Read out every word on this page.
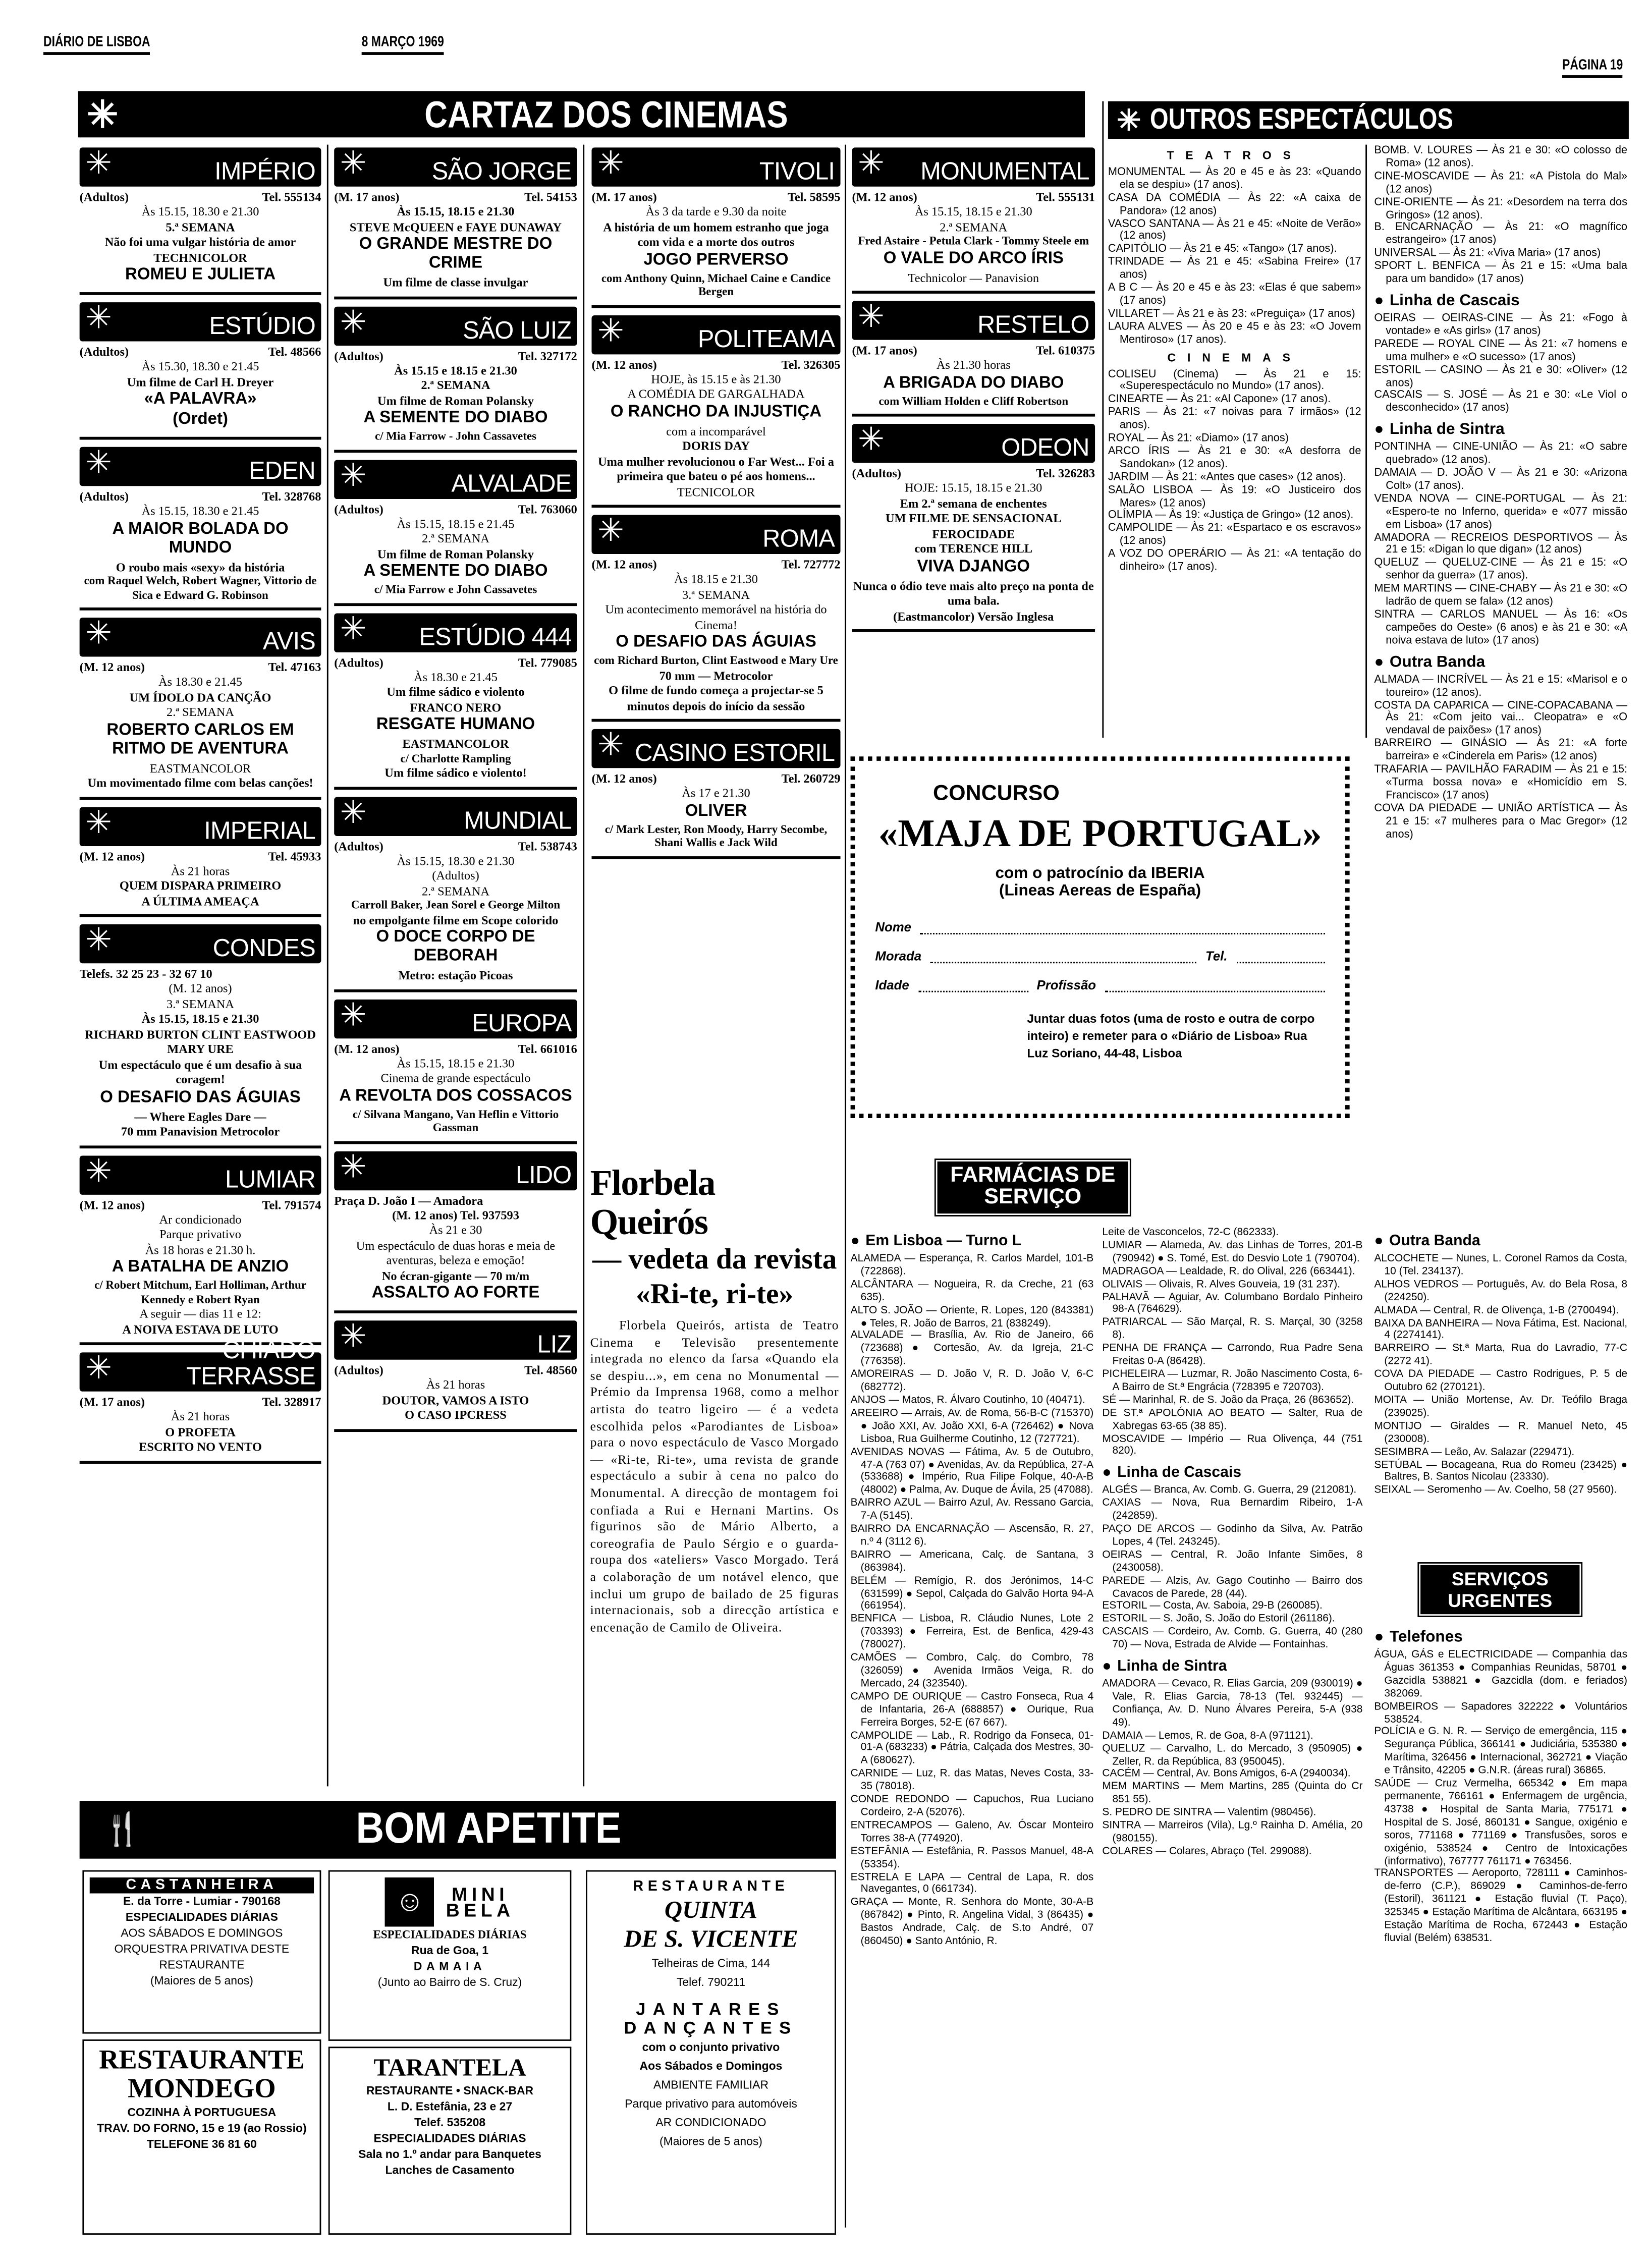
DIÁRIO DE LISBOA	8 MARÇO 1969
PÁGINA 19
✳	CARTAZ DOS CINEMAS	✳ OUTROS ESPECTÁCULOS
✳	IMPÉRIO
(Adultos)	Tel. 555134
Às 15.15, 18.30 e 21.30
5.ª SEMANA
Não foi uma vulgar história de amor
TECHNICOLOR
ROMEU E JULIETA
✳	ESTÚDIO
(Adultos)	Tel. 48566
Às 15.30, 18.30 e 21.45
Um filme de Carl H. Dreyer
«A PALAVRA»
(Ordet)
✳	EDEN
(Adultos)	Tel. 328768
Às 15.15, 18.30 e 21.45
A MAIOR BOLADA DO MUNDO
O roubo mais «sexy» da história
com Raquel Welch, Robert Wagner, Vittorio de Sica e Edward G. Robinson
✳	AVIS
(M. 12 anos)	Tel. 47163
Às 18.30 e 21.45
UM ÍDOLO DA CANÇÃO
2.ª SEMANA
ROBERTO CARLOS EM RITMO DE AVENTURA
EASTMANCOLOR
Um movimentado filme com belas canções!
✳	IMPERIAL
(M. 12 anos)	Tel. 45933
Às 21 horas
QUEM DISPARA PRIMEIRO
A ÚLTIMA AMEAÇA
✳	CONDES
Telefs. 32 25 23 - 32 67 10
(M. 12 anos)
3.ª SEMANA
Às 15.15, 18.15 e 21.30
RICHARD BURTON CLINT EASTWOOD MARY URE
Um espectáculo que é um desafio à sua coragem!
O DESAFIO DAS ÁGUIAS
— Where Eagles Dare —
70 mm Panavision Metrocolor
✳	LUMIAR
(M. 12 anos)	Tel. 791574
Ar condicionado
Parque privativo
Às 18 horas e 21.30 h.
A BATALHA DE ANZIO
c/ Robert Mitchum, Earl Holliman, Arthur Kennedy e Robert Ryan
A seguir — dias 11 e 12:
A NOIVA ESTAVA DE LUTO
✳	CHIADO TERRASSE
(M. 17 anos)	Tel. 328917
Às 21 horas
O PROFETA
ESCRITO NO VENTO
✳	SÃO JORGE
(M. 17 anos)	Tel. 54153
Às 15.15, 18.15 e 21.30
STEVE McQUEEN e FAYE DUNAWAY
O GRANDE MESTRE DO CRIME
Um filme de classe invulgar
✳	SÃO LUIZ
(Adultos)	Tel. 327172
Às 15.15 e 18.15 e 21.30
2.ª SEMANA
Um filme de Roman Polansky
A SEMENTE DO DIABO
c/ Mia Farrow - John Cassavetes
✳	ALVALADE
(Adultos)	Tel. 763060
Às 15.15, 18.15 e 21.45
2.ª SEMANA
Um filme de Roman Polansky
A SEMENTE DO DIABO
c/ Mia Farrow e John Cassavetes
✳	ESTÚDIO 444
(Adultos)	Tel. 779085
Às 18.30 e 21.45
Um filme sádico e violento
FRANCO NERO
RESGATE HUMANO
EASTMANCOLOR
c/ Charlotte Rampling
Um filme sádico e violento!
✳	MUNDIAL
(Adultos)	Tel. 538743
Às 15.15, 18.30 e 21.30
(Adultos)
2.ª SEMANA
Carroll Baker, Jean Sorel e George Milton
no empolgante filme em Scope colorido
O DOCE CORPO DE DEBORAH
Metro: estação Picoas
✳	EUROPA
(M. 12 anos)	Tel. 661016
Às 15.15, 18.15 e 21.30
Cinema de grande espectáculo
A REVOLTA DOS COSSACOS
c/ Silvana Mangano, Van Heflin e Vittorio Gassman
✳	LIDO
Praça D. João I — Amadora
(M. 12 anos) Tel. 937593
Às 21 e 30
Um espectáculo de duas horas e meia de aventuras, beleza e emoção!
No écran-gigante — 70 m/m
ASSALTO AO FORTE
✳	LIZ
(Adultos)	Tel. 48560
Às 21 horas
DOUTOR, VAMOS A ISTO
O CASO IPCRESS
✳	TIVOLI
(M. 17 anos)	Tel. 58595
Às 3 da tarde e 9.30 da noite
A história de um homem estranho que joga com vida e a morte dos outros
JOGO PERVERSO
com Anthony Quinn, Michael Caine e Candice Bergen
✳	POLITEAMA
(M. 12 anos)	Tel. 326305
HOJE, às 15.15 e às 21.30
A COMÉDIA DE GARGALHADA
O RANCHO DA INJUSTIÇA
com a incomparável
DORIS DAY
Uma mulher revolucionou o Far West... Foi a primeira que bateu o pé aos homens...
TECNICOLOR
✳	ROMA
(M. 12 anos)	Tel. 727772
Às 18.15 e 21.30
3.ª SEMANA
Um acontecimento memorável na história do Cinema!
O DESAFIO DAS ÁGUIAS
com Richard Burton, Clint Eastwood e Mary Ure
70 mm — Metrocolor
O filme de fundo começa a projectar-se 5 minutos depois do início da sessão
✳ CASINO ESTORIL
(M. 12 anos)	Tel. 260729
Às 17 e 21.30
OLIVER
c/ Mark Lester, Ron Moody, Harry Secombe, Shani Wallis e Jack Wild
✳	MONUMENTAL
(M. 12 anos)	Tel. 555131
Às 15.15, 18.15 e 21.30
2.ª SEMANA
Fred Astaire - Petula Clark - Tommy Steele em
O VALE DO ARCO ÍRIS
Technicolor — Panavision
✳	RESTELO
(M. 17 anos)	Tel. 610375
Às 21.30 horas
A BRIGADA DO DIABO
com William Holden e Cliff Robertson
✳	ODEON
(Adultos)	Tel. 326283
HOJE: 15.15, 18.15 e 21.30
Em 2.ª semana de enchentes
UM FILME DE SENSACIONAL FEROCIDADE
com TERENCE HILL
VIVA DJANGO
Nunca o ódio teve mais alto preço na ponta de uma bala.
(Eastmancolor) Versão Inglesa
TEATROS

MONUMENTAL — Às 20 e 45 e às 23: «Quando ela se despiu» (17 anos).

CASA DA COMÉDIA — Às 22: «A caixa de Pandora» (12 anos)

VASCO SANTANA — Às 21 e 45: «Noite de Verão» (12 anos)

CAPITÓLIO — Às 21 e 45: «Tango» (17 anos).

TRINDADE — Às 21 e 45: «Sabina Freire» (17 anos)

A B C — Às 20 e 45 e às 23: «Elas é que sabem» (17 anos)

VILLARET — Às 21 e às 23: «Preguiça» (17 anos)

LAURA ALVES — Às 20 e 45 e às 23: «O Jovem Mentiroso» (17 anos).

CINEMAS

COLISEU (Cinema) — Às 21 e 15: «Superespectáculo no Mundo» (17 anos).

CINEARTE — Às 21: «Al Capone» (17 anos).

PARIS — Às 21: «7 noivas para 7 irmãos» (12 anos).

ROYAL — Às 21: «Diamo» (17 anos)

ARCO ÍRIS — Às 21 e 30: «A desforra de Sandokan» (12 anos).

JARDIM — Às 21: «Antes que cases» (12 anos).

SALÃO LISBOA — Às 19: «O Justiceiro dos Mares» (12 anos)

OLÍMPIA — Às 19: «Justiça de Gringo» (12 anos).

CAMPOLIDE — Às 21: «Espartaco e os escravos» (12 anos)

A VOZ DO OPERÁRIO — Às 21: «A tentação do dinheiro» (17 anos).

BOMB. V. LOURES — Às 21 e 30: «O colosso de Roma» (12 anos).

CINE-MOSCAVIDE — Às 21: «A Pistola do Mal» (12 anos)

CINE-ORIENTE — Às 21: «Desordem na terra dos Gringos» (12 anos).

B. ENCARNAÇÃO — Às 21: «O magnífico estrangeiro» (17 anos)

UNIVERSAL — Às 21: «Viva Maria» (17 anos)

SPORT L. BENFICA — Às 21 e 15: «Uma bala para um bandido» (17 anos)

● Linha de Cascais

OEIRAS — OEIRAS-CINE — Às 21: «Fogo à vontade» e «As girls» (17 anos)

PAREDE — ROYAL CINE — Às 21: «7 homens e uma mulher» e «O sucesso» (17 anos)

ESTORIL — CASINO — Às 21 e 30: «Oliver» (12 anos)

CASCAIS — S. JOSÉ — Às 21 e 30: «Le Viol o desconhecido» (17 anos)

● Linha de Sintra

PONTINHA — CINE-UNIÃO — Às 21: «O sabre quebrado» (12 anos).

DAMAIA — D. JOÃO V — Às 21 e 30: «Arizona Colt» (17 anos).

VENDA NOVA — CINE-PORTUGAL — Às 21: «Espero-te no Inferno, querida» e «077 missão em Lisboa» (17 anos)

AMADORA — RECREIOS DESPORTIVOS — Às 21 e 15: «Digan lo que digan» (12 anos)

QUELUZ — QUELUZ-CINE — Às 21 e 15: «O senhor da guerra» (17 anos).

MEM MARTINS — CINE-CHABY — Às 21 e 30: «O ladrão de quem se fala» (12 anos)

SINTRA — CARLOS MANUEL — Às 16: «Os campeões do Oeste» (6 anos) e às 21 e 30: «A noiva estava de luto» (17 anos)

● Outra Banda

ALMADA — INCRÍVEL — Às 21 e 15: «Marisol e o toureiro» (12 anos).

COSTA DA CAPARICA — CINE-COPACABANA — Às 21: «Com jeito vai... Cleopatra» e «O vendaval de paixões» (17 anos)

BARREIRO — GINÁSIO — Às 21: «A forte barreira» e «Cinderela em Paris» (12 anos)

TRAFARIA — PAVILHÃO FARADIM — Às 21 e 15: «Turma bossa nova» e «Homicídio em S. Francisco» (17 anos)

COVA DA PIEDADE — UNIÃO ARTÍSTICA — Às 21 e 15: «7 mulheres para o Mac Gregor» (12 anos)

CONCURSO
«MAJA DE PORTUGAL»
com o patrocínio da IBERIA
(Lineas Aereas de España)
Nome
Morada	Tel.
Idade	Profissão
Juntar duas fotos (uma de rosto e outra de corpo inteiro) e remeter para o «Diário de Lisboa» Rua Luz Soriano, 44-48, Lisboa
Florbela Queirós
— vedeta da revista
«Ri-te, ri-te»

Florbela Queirós, artista de Teatro Cinema e Televisão presentemente integrada no elenco da farsa «Quando ela se despiu...», em cena no Monumental — Prémio da Imprensa 1968, como a melhor artista do teatro ligeiro — é a vedeta escolhida pelos «Parodiantes de Lisboa» para o novo espectáculo de Vasco Morgado — «Ri-te, Ri-te», uma revista de grande espectáculo a subir à cena no palco do Monumental. A direcção de montagem foi confiada a Rui e Hernani Martins. Os figurinos são de Mário Alberto, a coreografia de Paulo Sérgio e o guarda-roupa dos «ateliers» Vasco Morgado. Terá a colaboração de um notável elenco, que inclui um grupo de bailado de 25 figuras internacionais, sob a direcção artística e encenação de Camilo de Oliveira.

FARMÁCIAS DE SERVIÇO
● Em Lisboa — Turno L

ALAMEDA — Esperança, R. Carlos Mardel, 101-B (722868).

ALCÂNTARA — Nogueira, R. da Creche, 21 (63 635).

ALTO S. JOÃO — Oriente, R. Lopes, 120 (843381) ● Teles, R. João de Barros, 21 (838249).

ALVALADE — Brasília, Av. Rio de Janeiro, 66 (723688) ● Cortesão, Av. da Igreja, 21-C (776358).

AMOREIRAS — D. João V, R. D. João V, 6-C (682772).

ANJOS — Matos, R. Álvaro Coutinho, 10 (40471).

AREEIRO — Arrais, Av. de Roma, 56-B-C (715370) ● João XXI, Av. João XXI, 6-A (726462) ● Nova Lisboa, Rua Guilherme Coutinho, 12 (727721).

AVENIDAS NOVAS — Fátima, Av. 5 de Outubro, 47-A (763 07) ● Avenidas, Av. da República, 27-A (533688) ● Império, Rua Filipe Folque, 40-A-B (48002) ● Palma, Av. Duque de Ávila, 25 (47088).

BAIRRO AZUL — Bairro Azul, Av. Ressano Garcia, 7-A (5145).

BAIRRO DA ENCARNAÇÃO — Ascensão, R. 27, n.º 4 (3112 6).

BAIRRO — Americana, Calç. de Santana, 3 (863984).

BELÉM — Remígio, R. dos Jerónimos, 14-C (631599) ● Sepol, Calçada do Galvão Horta 94-A (661954).

BENFICA — Lisboa, R. Cláudio Nunes, Lote 2 (703393) ● Ferreira, Est. de Benfica, 429-43 (780027).

CAMÕES — Combro, Calç. do Combro, 78 (326059) ● Avenida Irmãos Veiga, R. do Mercado, 24 (323540).

CAMPO DE OURIQUE — Castro Fonseca, Rua 4 de Infantaria, 26-A (688857) ● Ourique, Rua Ferreira Borges, 52-E (67 667).

CAMPOLIDE — Lab., R. Rodrigo da Fonseca, 01-01-A (683233) ● Pátria, Calçada dos Mestres, 30-A (680627).

CARNIDE — Luz, R. das Matas, Neves Costa, 33-35 (78018).

CONDE REDONDO — Capuchos, Rua Luciano Cordeiro, 2-A (52076).

ENTRECAMPOS — Galeno, Av. Óscar Monteiro Torres 38-A (774920).

ESTEFÂNIA — Estefânia, R. Passos Manuel, 48-A (53354).

ESTRELA E LAPA — Central de Lapa, R. dos Navegantes, 0 (661734).

GRAÇA — Monte, R. Senhora do Monte, 30-A-B (867842) ● Pinto, R. Angelina Vidal, 3 (86435) ● Bastos Andrade, Calç. de S.to André, 07 (860450) ● Santo António, R.

Leite de Vasconcelos, 72-C (862333).

LUMIAR — Alameda, Av. das Linhas de Torres, 201-B (790942) ● S. Tomé, Est. do Desvio Lote 1 (790704).

MADRAGOA — Lealdade, R. do Olival, 226 (663441).

OLIVAIS — Olivais, R. Alves Gouveia, 19 (31 237).

PALHAVÃ — Aguiar, Av. Columbano Bordalo Pinheiro 98-A (764629).

PATRIARCAL — São Marçal, R. S. Marçal, 30 (3258 8).

PENHA DE FRANÇA — Carrondo, Rua Padre Sena Freitas 0-A (86428).

PICHELEIRA — Luzmar, R. João Nascimento Costa, 6-A Bairro de St.ª Engrácia (728395 e 720703).

SÉ — Marinhal, R. de S. João da Praça, 26 (863652).

DE ST.ª APOLÓNIA AO BEATO — Salter, Rua de Xabregas 63-65 (38 85).

MOSCAVIDE — Império — Rua Olivença, 44 (751 820).

● Linha de Cascais

ALGÉS — Branca, Av. Comb. G. Guerra, 29 (212081).

CAXIAS — Nova, Rua Bernardim Ribeiro, 1-A (242859).

PAÇO DE ARCOS — Godinho da Silva, Av. Patrão Lopes, 4 (Tel. 243245).

OEIRAS — Central, R. João Infante Simões, 8 (2430058).

PAREDE — Alzis, Av. Gago Coutinho — Bairro dos Cavacos de Parede, 28 (44).

ESTORIL — Costa, Av. Saboia, 29-B (260085).

ESTORIL — S. João, S. João do Estoril (261186).

CASCAIS — Cordeiro, Av. Comb. G. Guerra, 40 (280 70) — Nova, Estrada de Alvide — Fontainhas.

● Linha de Sintra

AMADORA — Cevaco, R. Elias Garcia, 209 (930019) ● Vale, R. Elias Garcia, 78-13 (Tel. 932445) — Confiança, Av. D. Nuno Álvares Pereira, 5-A (938 49).

DAMAIA — Lemos, R. de Goa, 8-A (971121).

QUELUZ — Carvalho, L. do Mercado, 3 (950905) ● Zeller, R. da República, 83 (950045).

CACÉM — Central, Av. Bons Amigos, 6-A (2940034).

MEM MARTINS — Mem Martins, 285 (Quinta do Cr 851 55).

S. PEDRO DE SINTRA — Valentim (980456).

SINTRA — Marreiros (Vila), Lg.º Rainha D. Amélia, 20 (980155).

COLARES — Colares, Abraço (Tel. 299088).

● Outra Banda

ALCOCHETE — Nunes, L. Coronel Ramos da Costa, 10 (Tel. 234137).

ALHOS VEDROS — Português, Av. do Bela Rosa, 8 (224250).

ALMADA — Central, R. de Olivença, 1-B (2700494).

BAIXA DA BANHEIRA — Nova Fátima, Est. Nacional, 4 (2274141).

BARREIRO — St.ª Marta, Rua do Lavradio, 77-C (2272 41).

COVA DA PIEDADE — Castro Rodrigues, P. 5 de Outubro 62 (270121).

MOITA — União Mortense, Av. Dr. Teófilo Braga (239025).

MONTIJO — Giraldes — R. Manuel Neto, 45 (230008).

SESIMBRA — Leão, Av. Salazar (229471).

SETÚBAL — Bocageana, Rua do Romeu (23425) ● Baltres, B. Santos Nicolau (23330).

SEIXAL — Seromenho — Av. Coelho, 58 (27 9560).

SERVIÇOS URGENTES
● Telefones

ÁGUA, GÁS e ELECTRICIDADE — Companhia das Águas 361353 ● Companhias Reunidas, 58701 ● Gazcidla 538821 ● Gazcidla (dom. e feriados) 382069.

BOMBEIROS — Sapadores 322222 ● Voluntários 538524.

POLÍCIA e G. N. R. — Serviço de emergência, 115 ● Segurança Pública, 366141 ● Judiciária, 535380 ● Marítima, 326456 ● Internacional, 362721 ● Viação e Trânsito, 42205 ● G.N.R. (áreas rural) 36865.

SAÚDE — Cruz Vermelha, 665342 ● Em mapa permanente, 766161 ● Enfermagem de urgência, 43738 ● Hospital de Santa Maria, 775171 ● Hospital de S. José, 860131 ● Sangue, oxigénio e soros, 771168 ● 771169 ● Transfusões, soros e oxigénio, 538524 ● Centro de Intoxicações (informativo), 767777 761171 ● 763456.

TRANSPORTES — Aeroporto, 728111 ● Caminhos-de-ferro (C.P.), 869029 ● Caminhos-de-ferro (Estoril), 361121 ● Estação fluvial (T. Paço), 325345 ● Estação Marítima de Alcântara, 663195 ● Estação Marítima de Rocha, 672443 ● Estação fluvial (Belém) 638531.

🍴	BOM APETITE
CASTANHEIRA
E. da Torre - Lumiar - 790168
ESPECIALIDADES DIÁRIAS
AOS SÁBADOS E DOMINGOS ORQUESTRA PRIVATIVA DESTE RESTAURANTE
(Maiores de 5 anos)
RESTAURANTE MONDEGO
COZINHA À PORTUGUESA
TRAV. DO FORNO, 15 e 19 (ao Rossio)
TELEFONE 36 81 60
☺	MINI
BELA
ESPECIALIDADES DIÁRIAS
Rua de Goa, 1
DAMAIA
(Junto ao Bairro de S. Cruz)
TARANTELA
RESTAURANTE • SNACK-BAR
L. D. Estefânia, 23 e 27
Telef. 535208
ESPECIALIDADES DIÁRIAS
Sala no 1.º andar para Banquetes
Lanches de Casamento
RESTAURANTE
QUINTA
DE S. VICENTE
Telheiras de Cima, 144
Telef. 790211
JANTARES
DANÇANTES
com o conjunto privativo
Aos Sábados e Domingos
AMBIENTE FAMILIAR
Parque privativo para automóveis
AR CONDICIONADO
(Maiores de 5 anos)
